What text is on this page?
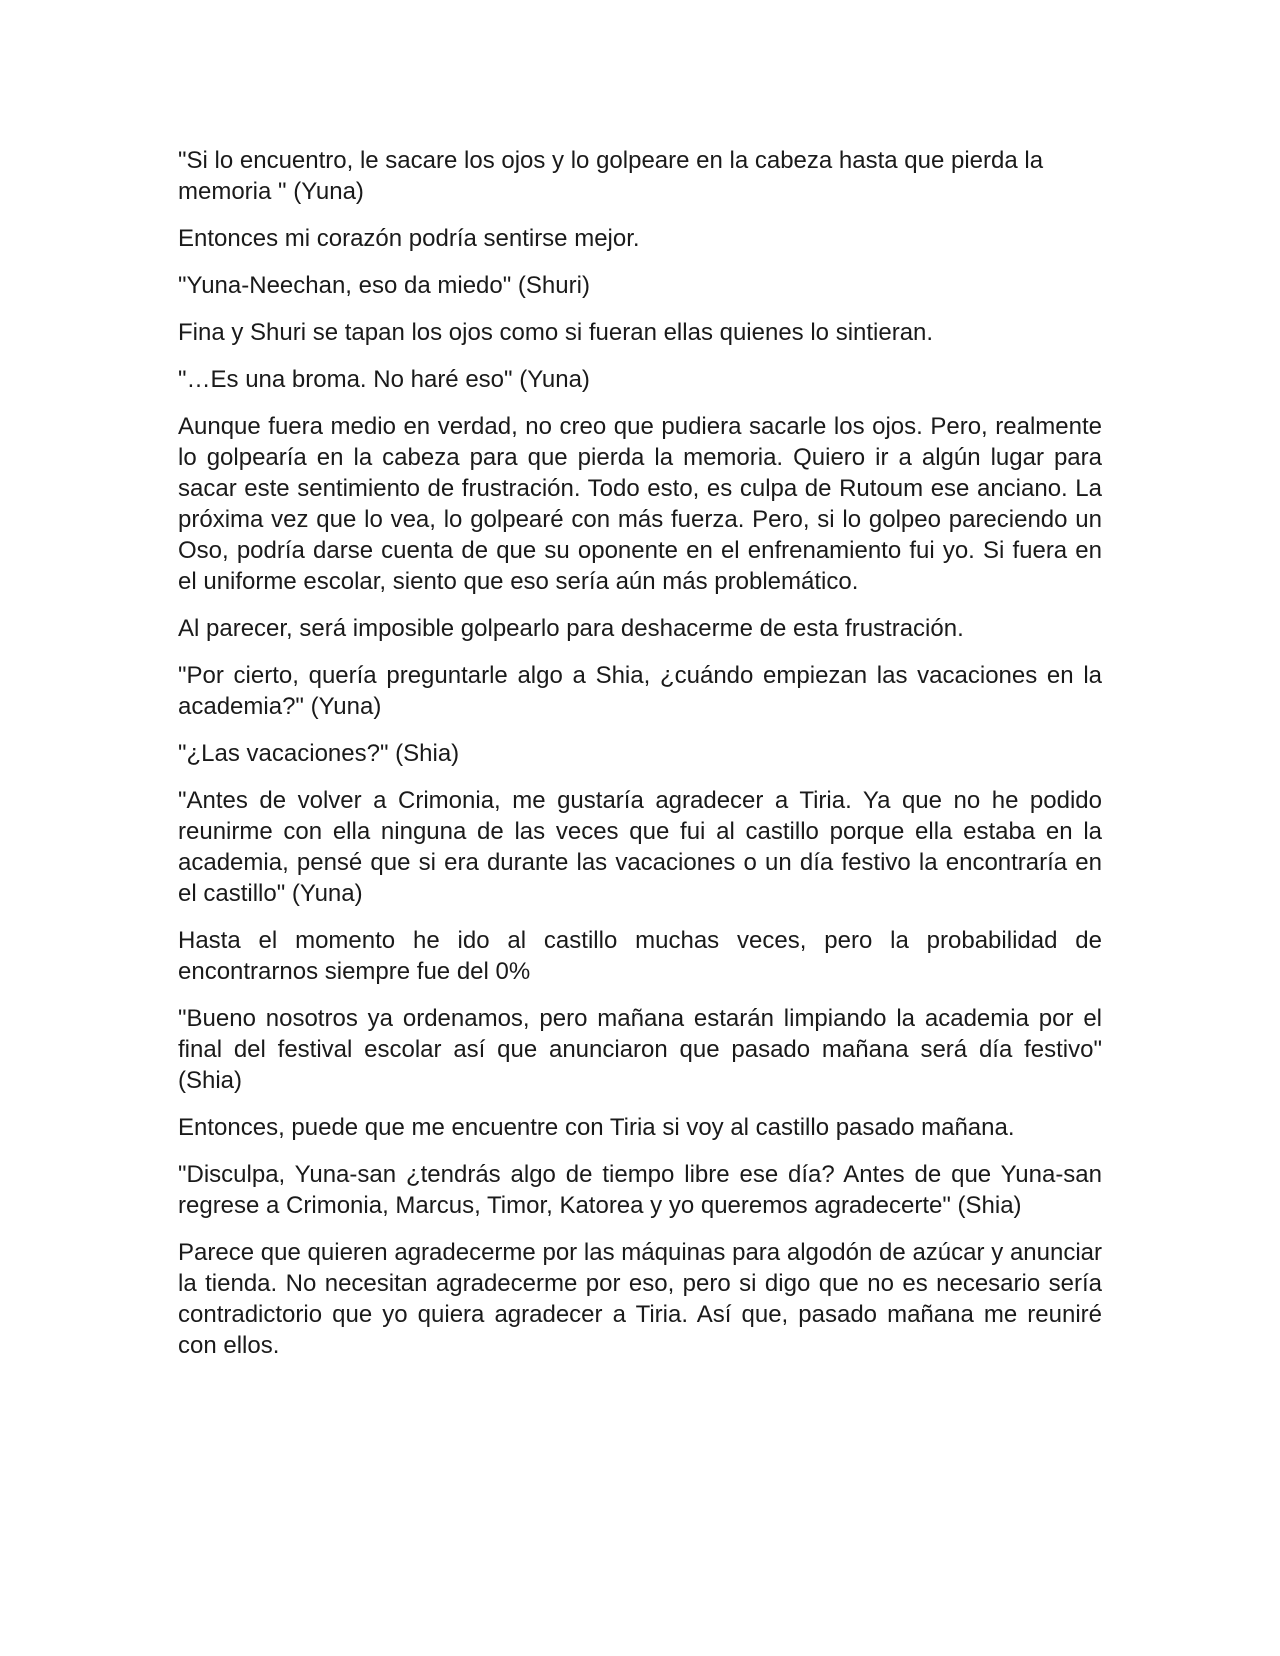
"Si lo encuentro, le sacare los ojos y lo golpeare en la cabeza hasta que pierda la memoria " (Yuna)

Entonces mi corazón podría sentirse mejor.

"Yuna-Neechan, eso da miedo" (Shuri)

Fina y Shuri se tapan los ojos como si fueran ellas quienes lo sintieran.

"…Es una broma. No haré eso" (Yuna)

Aunque fuera medio en verdad, no creo que pudiera sacarle los ojos. Pero, realmente lo golpearía en la cabeza para que pierda la memoria. Quiero ir a algún lugar para sacar este sentimiento de frustración. Todo esto, es culpa de Rutoum ese anciano. La próxima vez que lo vea, lo golpearé con más fuerza. Pero, si lo golpeo pareciendo un Oso, podría darse cuenta de que su oponente en el enfrenamiento fui yo. Si fuera en el uniforme escolar, siento que eso sería aún más problemático.

Al parecer, será imposible golpearlo para deshacerme de esta frustración.

"Por cierto, quería preguntarle algo a Shia, ¿cuándo empiezan las vacaciones en la academia?" (Yuna)

"¿Las vacaciones?" (Shia)

"Antes de volver a Crimonia, me gustaría agradecer a Tiria. Ya que no he podido reunirme con ella ninguna de las veces que fui al castillo porque ella estaba en la academia, pensé que si era durante las vacaciones o un día festivo la encontraría en el castillo" (Yuna)

Hasta el momento he ido al castillo muchas veces, pero la probabilidad de encontrarnos siempre fue del 0%

"Bueno nosotros ya ordenamos, pero mañana estarán limpiando la academia por el final del festival escolar así que anunciaron que pasado mañana será día festivo" (Shia)

Entonces, puede que me encuentre con Tiria si voy al castillo pasado mañana.

"Disculpa, Yuna-san ¿tendrás algo de tiempo libre ese día? Antes de que Yuna-san regrese a Crimonia, Marcus, Timor, Katorea y yo queremos agradecerte" (Shia)

Parece que quieren agradecerme por las máquinas para algodón de azúcar y anunciar la tienda. No necesitan agradecerme por eso, pero si digo que no es necesario sería contradictorio que yo quiera agradecer a Tiria. Así que, pasado mañana me reuniré con ellos.
